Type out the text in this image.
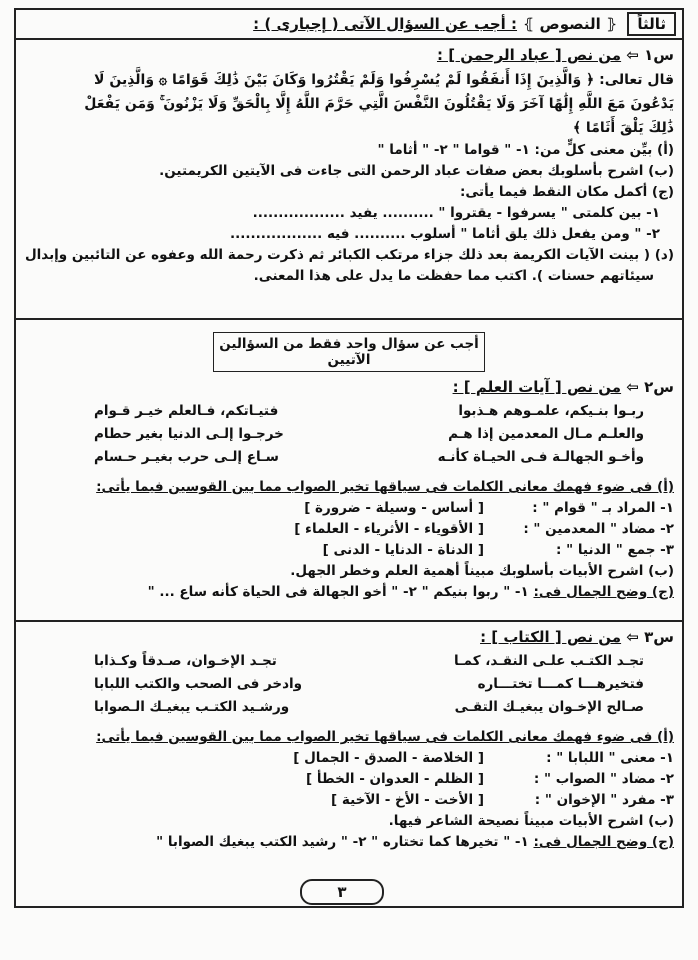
ثالثاً
⦃ النصوص ⦄
: أجب عن السؤال الآتى ( إجبارى ) :
س١ ⇦ من نص [ عباد الرحمن ] :
قال تعالى: ﴿ وَالَّذِينَ إِذَا أَنفَقُوا لَمْ يُسْرِفُوا وَلَمْ يَقْتُرُوا وَكَانَ بَيْنَ ذَٰلِكَ قَوَامًا ۞ وَالَّذِينَ لَا
يَدْعُونَ مَعَ اللَّهِ إِلَٰهًا آخَرَ وَلَا يَقْتُلُونَ النَّفْسَ الَّتِي حَرَّمَ اللَّهُ إِلَّا بِالْحَقِّ وَلَا يَزْنُونَ ۚ وَمَن يَفْعَلْ
ذَٰلِكَ يَلْقَ أَثَامًا ﴾
(أ) بيِّن معنى كلٍّ من: ١- " قواما " ٢- " أثاما "
(ب) اشرح بأسلوبك بعض صفات عباد الرحمن التى جاءت فى الآيتين الكريمتين.
(ج) أكمل مكان النقط فيما يأتى:
١- بين كلمتى " يسرفوا - يقتروا " .......... يفيد ..................
٢- " ومن يفعل ذلك يلق أثاما " أسلوب .......... فيه ..................
(د) ( بينت الآيات الكريمة بعد ذلك جزاء مرتكب الكبائر ثم ذكرت رحمة الله وعفوه عن التائبين وإبدال
سيئاتهم حسنات ). اكتب مما حفظت ما يدل على هذا المعنى.
أجب عن سؤال واحد فقط من السؤالين الآتيين
س٢ ⇦ من نص [ آيات العلم ] :
ربـوا بنـيكم، علمـوهم هـذبوا
فتيـاتكم، فـالعلم خيـر قـوام
والعلـم مـال المعدمين إذا هـم
خرجـوا إلـى الدنيا بغير حطام
وأخـو الجهالـة فـى الحيـاة كأنـه
سـاع إلـى حرب بغيـر حـسام
(أ) فى ضوء فهمك معانى الكلمات فى سياقها تخير الصواب مما بين القوسين فيما يأتى:
١- المراد بـ " قوام " :
[ أساس - وسيلة - ضرورة ]
٢- مضاد " المعدمين " :
[ الأقوياء - الأثرياء - العلماء ]
٣- جمع " الدنيا " :
[ الدناة - الدنايا - الدنى ]
(ب) اشرح الأبيات بأسلوبك مبيناً أهمية العلم وخطر الجهل.
(ج) وضح الجمال فى: ١- " ربوا بنيكم " ٢- " أخو الجهالة فى الحياة كأنه ساع ... "
س٣ ⇦ من نص [ الكتاب ] :
تجـد الكتـب علـى النقـد، كمـا
تجـد الإخـوان، صـدقاً وكـذابا
فتخيرهـــا كمـــا تختـــاره
وادخر فى الصحب والكتب اللبابا
صـالح الإخـوان يبغيـك التقـى
ورشـيد الكتـب يبغيـك الـصوابا
(أ) فى ضوء فهمك معانى الكلمات فى سياقها تخير الصواب مما بين القوسين فيما يأتى:
١- معنى " اللبابا " :
[ الخلاصة - الصدق - الجمال ]
٢- مضاد " الصواب " :
[ الظلم - العدوان - الخطأ ]
٣- مفرد " الإخوان " :
[ الأخت - الأخ - الآخية ]
(ب) اشرح الأبيات مبيناً نصيحة الشاعر فيها.
(ج) وضح الجمال فى: ١- " تخيرها كما تختاره " ٢- " رشيد الكتب يبغيك الصوابا "
٣
